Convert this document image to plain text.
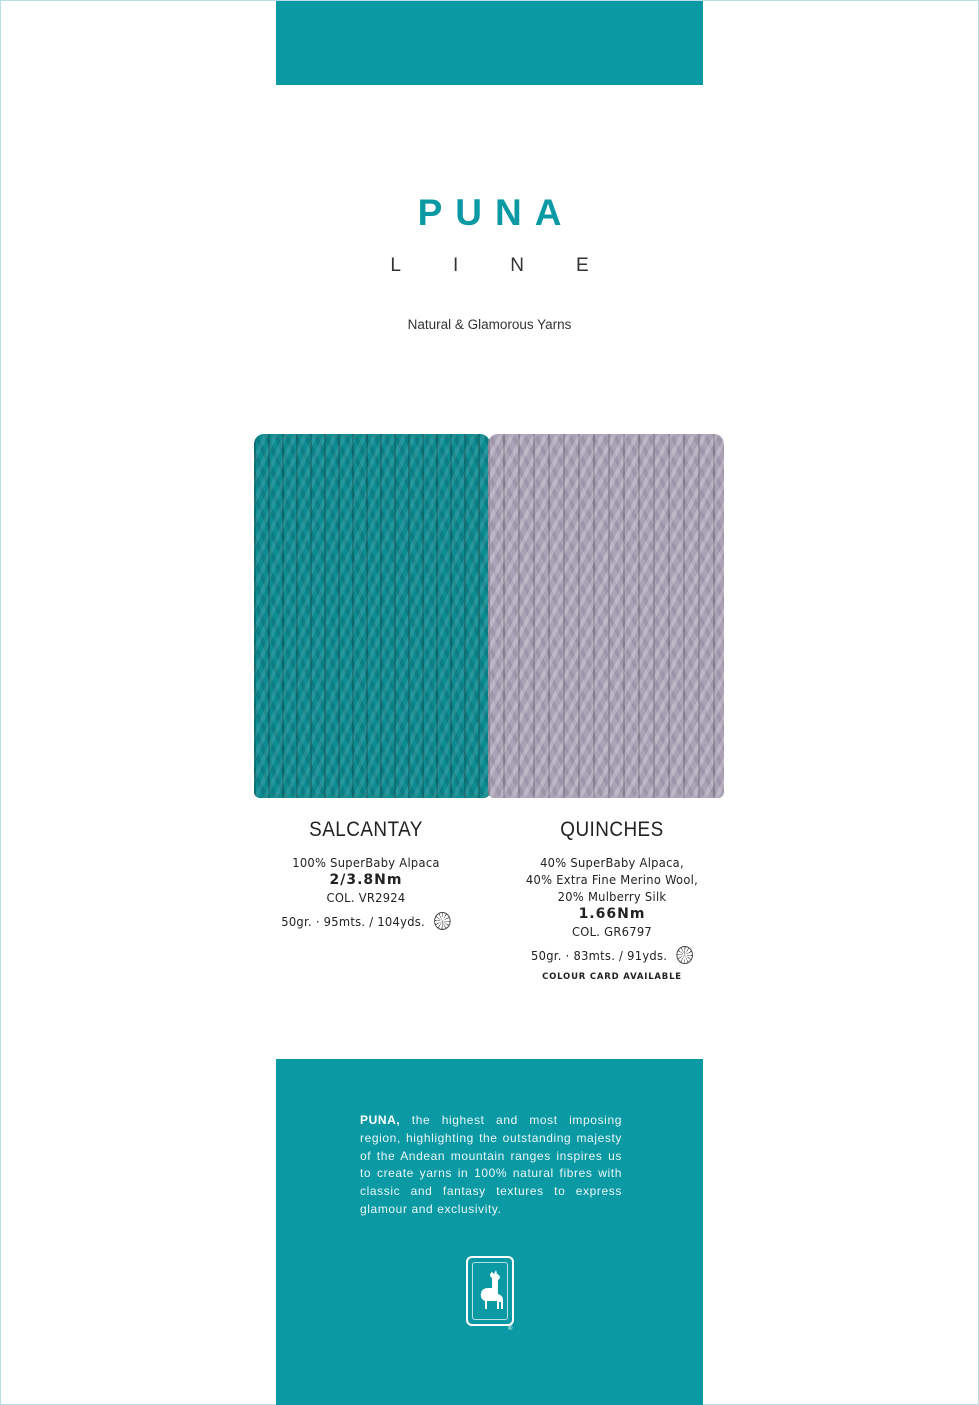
PUNA
LINE
Natural & Glamorous Yarns
SALCANTAY
100% SuperBaby Alpaca
2/3.8Nm
COL. VR2924
50gr. · 95mts. / 104yds.
QUINCHES
40% SuperBaby Alpaca,
40% Extra Fine Merino Wool,
20% Mulberry Silk
1.66Nm
COL. GR6797
50gr. · 83mts. / 91yds.
COLOUR CARD AVAILABLE
PUNA, the highest and most imposing region, highlighting the outstanding majesty of the Andean mountain ranges inspires us to create yarns in 100% natural fibres with classic and fantasy textures to express glamour and exclusivity.
®
